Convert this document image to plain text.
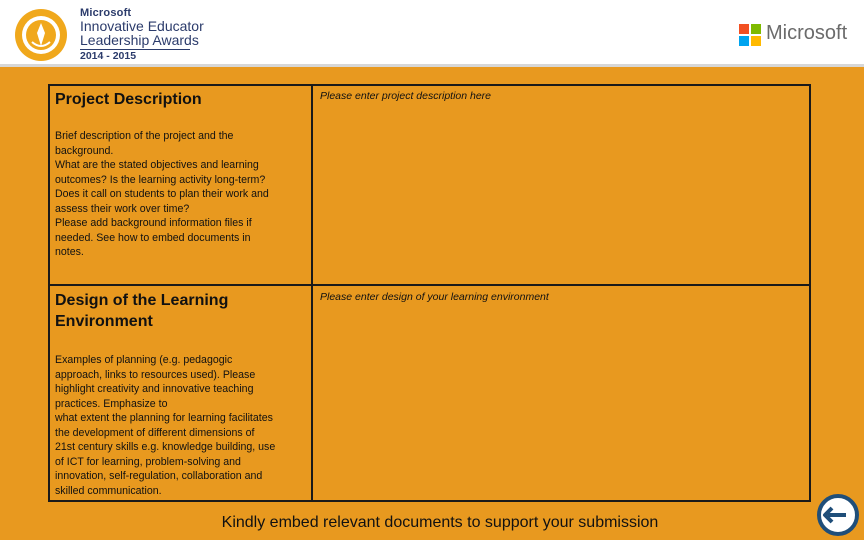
Microsoft
Innovative Educator
Leadership Awards
2014 - 2015
Microsoft
Project Description
Brief description of the project and the
background.
What are the stated objectives and learning
outcomes? Is the learning activity long-term?
Does it call on students to plan their work and
assess their work over time?
Please add background information files if
needed. See how to embed documents in
notes.
Please enter project description here
Design of the Learning
Environment
Examples of planning (e.g. pedagogic
approach, links to resources used). Please
highlight creativity and innovative teaching
practices. Emphasize to
what extent the planning for learning facilitates
the development of different dimensions of
21st century skills e.g. knowledge building, use
of ICT for learning, problem-solving and
innovation, self-regulation, collaboration and
skilled communication.
Please enter design of your learning environment
Kindly embed relevant documents to support your submission
